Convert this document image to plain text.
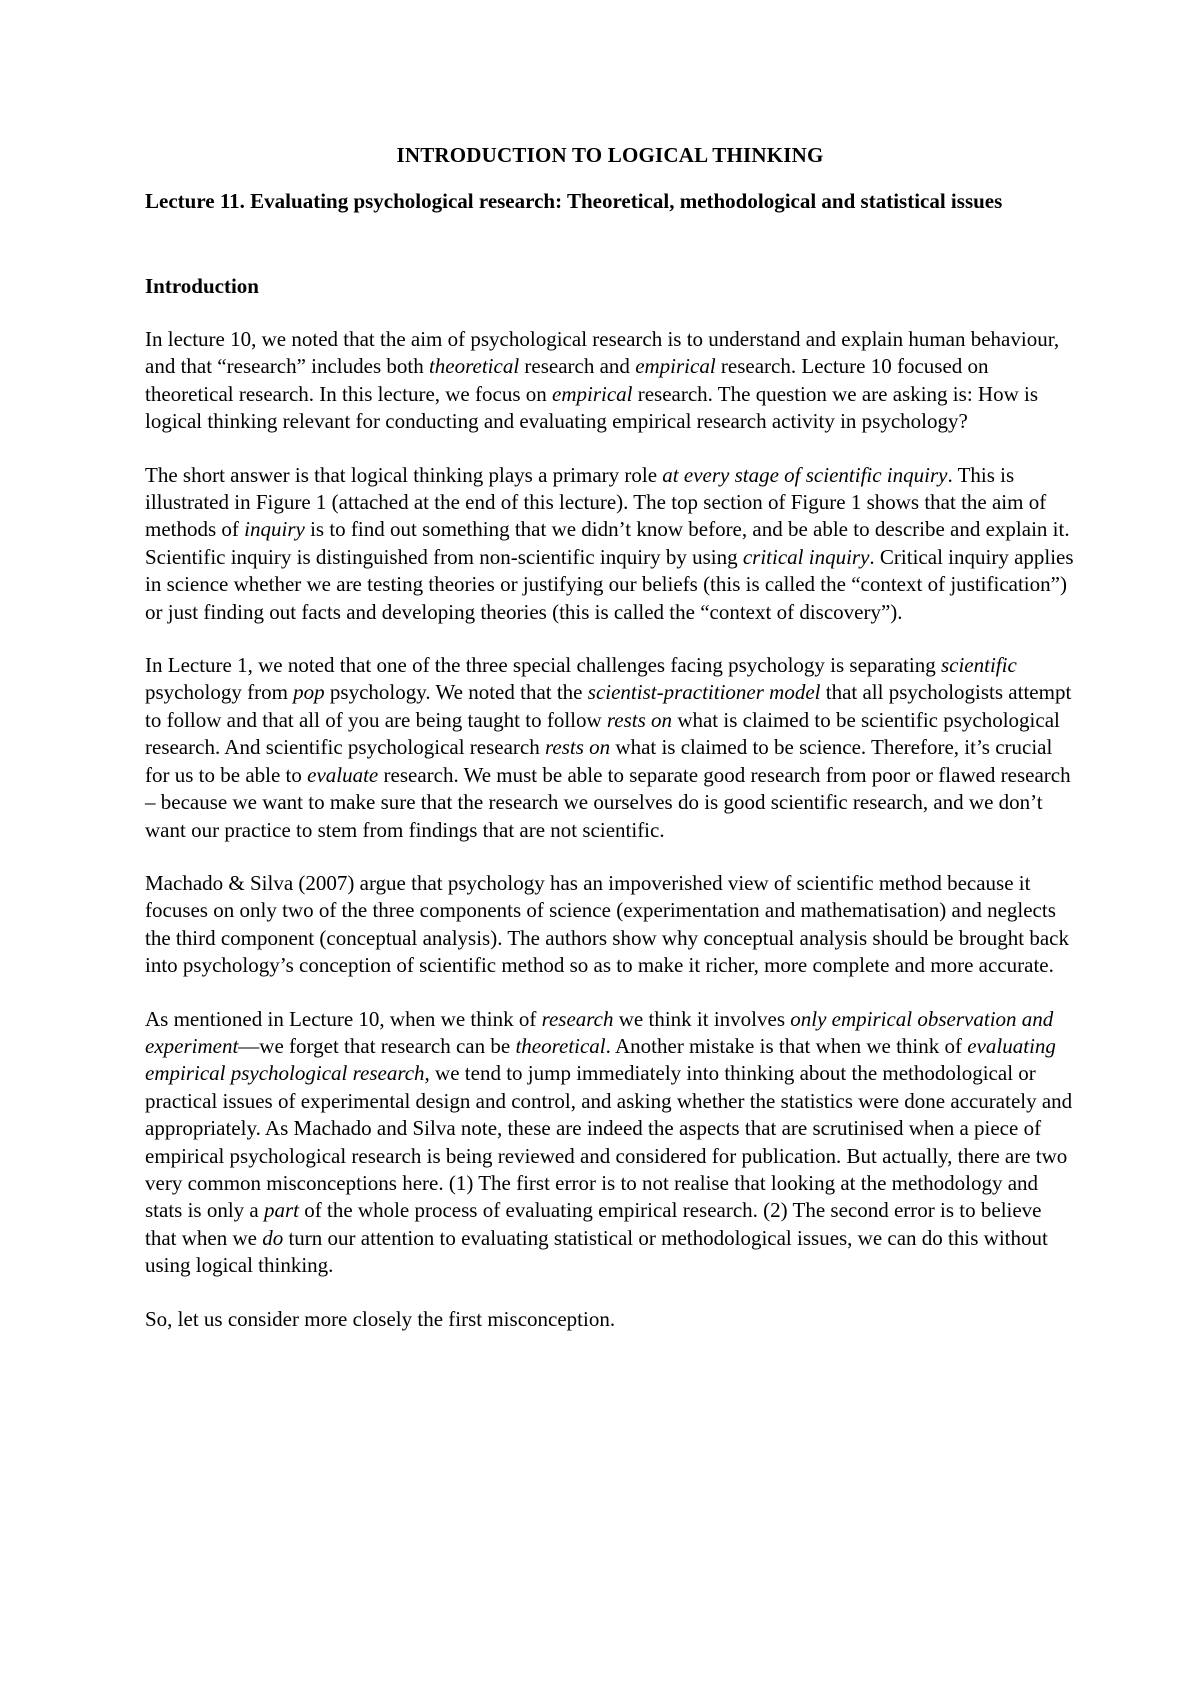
INTRODUCTION TO LOGICAL THINKING
Lecture 11. Evaluating psychological research: Theoretical, methodological and statistical issues
Introduction

In lecture 10, we noted that the aim of psychological research is to understand and explain human behaviour, and that “research” includes both theoretical research and empirical research. Lecture 10 focused on theoretical research. In this lecture, we focus on empirical research. The question we are asking is: How is logical thinking relevant for conducting and evaluating empirical research activity in psychology?

The short answer is that logical thinking plays a primary role at every stage of scientific inquiry. This is illustrated in Figure 1 (attached at the end of this lecture). The top section of Figure 1 shows that the aim of methods of inquiry is to find out something that we didn’t know before, and be able to describe and explain it. Scientific inquiry is distinguished from non-scientific inquiry by using critical inquiry. Critical inquiry applies in science whether we are testing theories or justifying our beliefs (this is called the “context of justification”) or just finding out facts and developing theories (this is called the “context of discovery”).

In Lecture 1, we noted that one of the three special challenges facing psychology is separating scientific psychology from pop psychology. We noted that the scientist-practitioner model that all psychologists attempt to follow and that all of you are being taught to follow rests on what is claimed to be scientific psychological research. And scientific psychological research rests on what is claimed to be science. Therefore, it’s crucial for us to be able to evaluate research. We must be able to separate good research from poor or flawed research – because we want to make sure that the research we ourselves do is good scientific research, and we don’t want our practice to stem from findings that are not scientific.

Machado & Silva (2007) argue that psychology has an impoverished view of scientific method because it focuses on only two of the three components of science (experimentation and mathematisation) and neglects the third component (conceptual analysis). The authors show why conceptual analysis should be brought back into psychology’s conception of scientific method so as to make it richer, more complete and more accurate.

As mentioned in Lecture 10, when we think of research we think it involves only empirical observation and experiment—we forget that research can be theoretical. Another mistake is that when we think of evaluating empirical psychological research, we tend to jump immediately into thinking about the methodological or practical issues of experimental design and control, and asking whether the statistics were done accurately and appropriately. As Machado and Silva note, these are indeed the aspects that are scrutinised when a piece of empirical psychological research is being reviewed and considered for publication. But actually, there are two very common misconceptions here. (1) The first error is to not realise that looking at the methodology and stats is only a part of the whole process of evaluating empirical research. (2) The second error is to believe that when we do turn our attention to evaluating statistical or methodological issues, we can do this without using logical thinking.

So, let us consider more closely the first misconception.
